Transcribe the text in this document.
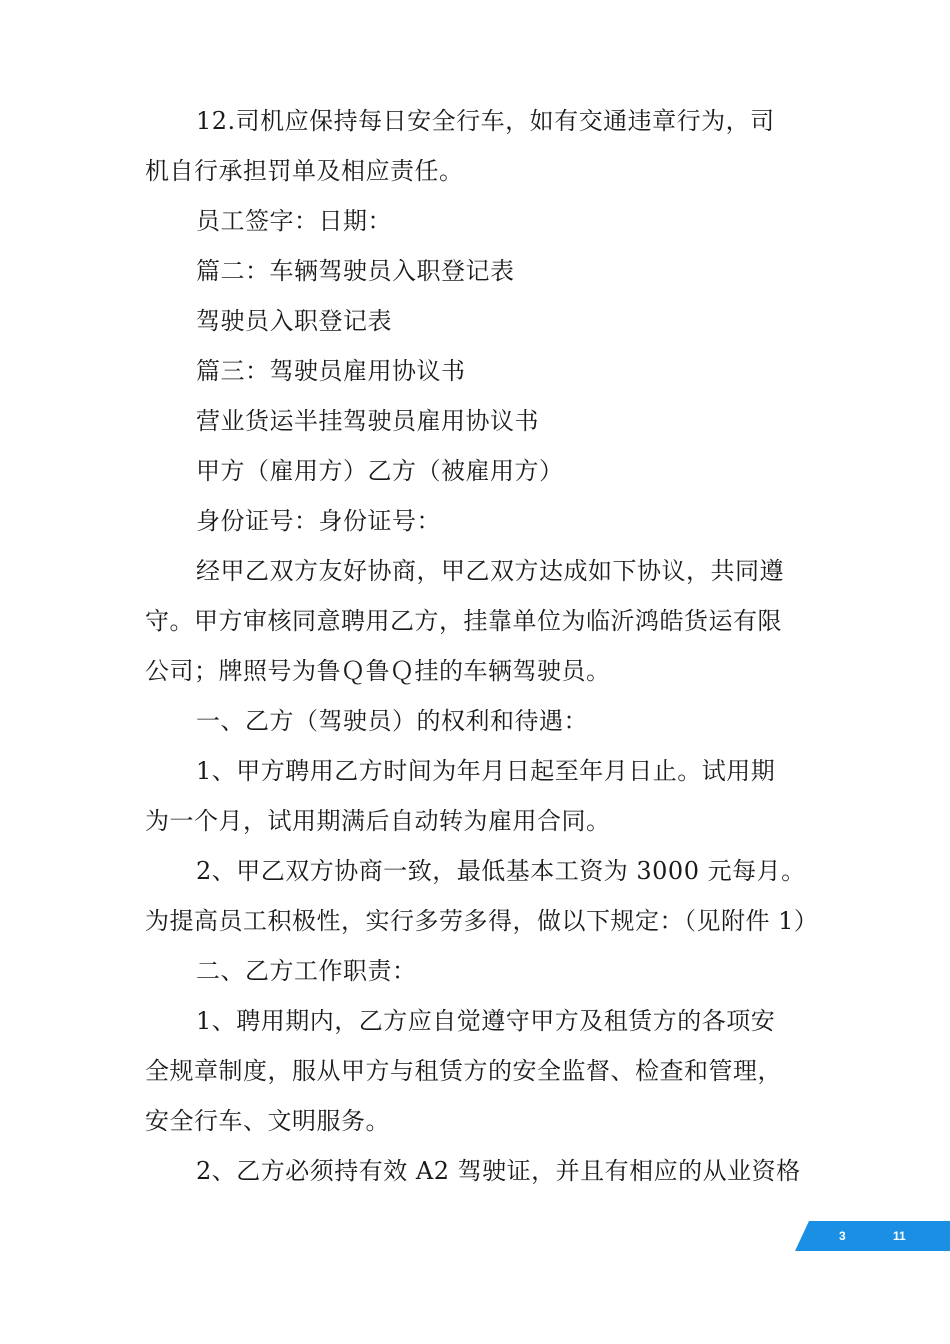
12.司机应保持每日安全行车，如有交通违章行为，司
机自行承担罚单及相应责任。
员工签字：日期：
篇二：车辆驾驶员入职登记表
驾驶员入职登记表
篇三：驾驶员雇用协议书
营业货运半挂驾驶员雇用协议书
甲方（雇用方）乙方（被雇用方）
身份证号：身份证号：
经甲乙双方友好协商，甲乙双方达成如下协议，共同遵
守。甲方审核同意聘用乙方，挂靠单位为临沂鸿皓货运有限
公司；牌照号为鲁Ｑ鲁Ｑ挂的车辆驾驶员。
一、乙方（驾驶员）的权利和待遇：
1、甲方聘用乙方时间为年月日起至年月日止。试用期
为一个月，试用期满后自动转为雇用合同。
2、甲乙双方协商一致，最低基本工资为 3000 元每月。
为提高员工积极性，实行多劳多得，做以下规定：（见附件 1）
二、乙方工作职责：
1、聘用期内，乙方应自觉遵守甲方及租赁方的各项安
全规章制度，服从甲方与租赁方的安全监督、检查和管理，
安全行车、文明服务。
2、乙方必须持有效 A2 驾驶证，并且有相应的从业资格
3	11
